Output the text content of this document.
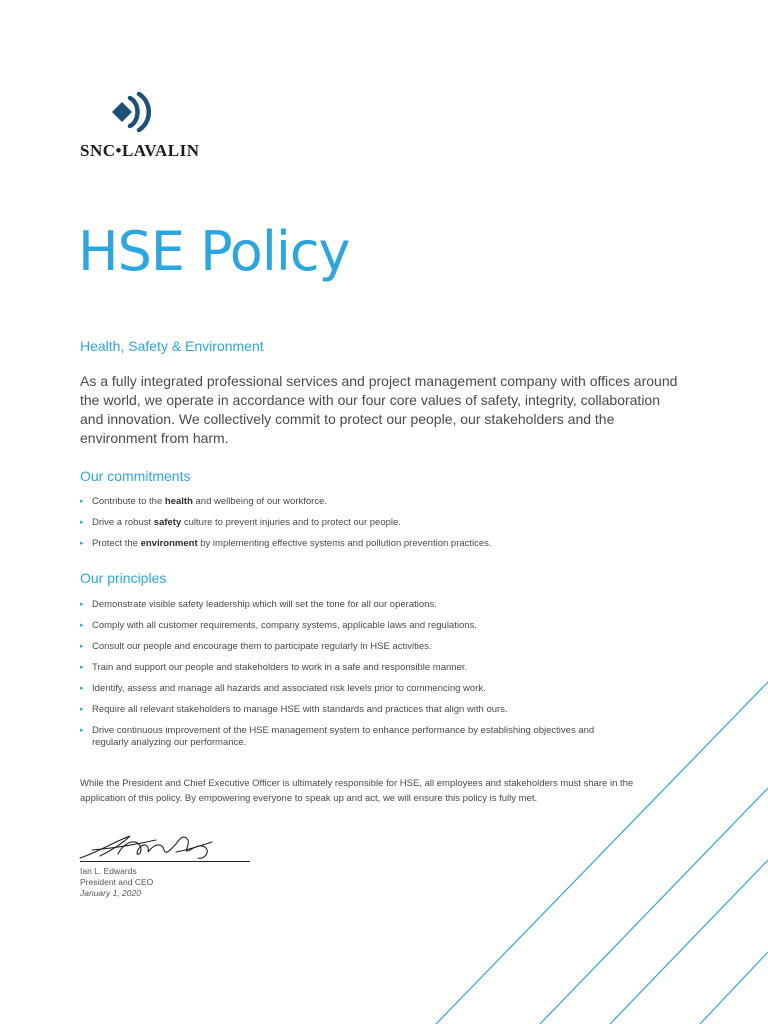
SNC•LAVALIN
HSE Policy
Health, Safety & Environment

As a fully integrated professional services and project management company with offices around the world, we operate in accordance with our four core values of safety, integrity, collaboration and innovation. We collectively commit to protect our people, our stakeholders and the environment from harm.

Our commitments
▸ Contribute to the health and wellbeing of our workforce.
▸ Drive a robust safety culture to prevent injuries and to protect our people.
▸ Protect the environment by implementing effective systems and pollution prevention practices.
Our principles
▸ Demonstrate visible safety leadership which will set the tone for all our operations.
▸ Comply with all customer requirements, company systems, applicable laws and regulations.
▸ Consult our people and encourage them to participate regularly in HSE activities.
▸ Train and support our people and stakeholders to work in a safe and responsible manner.
▸ Identify, assess and manage all hazards and associated risk levels prior to commencing work.
▸ Require all relevant stakeholders to manage HSE with standards and practices that align with ours.
▸ Drive continuous improvement of the HSE management system to enhance performance by establishing objectives and regularly analyzing our performance.

While the President and Chief Executive Officer is ultimately responsible for HSE, all employees and stakeholders must share in the application of this policy. By empowering everyone to speak up and act, we will ensure this policy is fully met.

Ian L. Edwards
President and CEO
January 1, 2020
